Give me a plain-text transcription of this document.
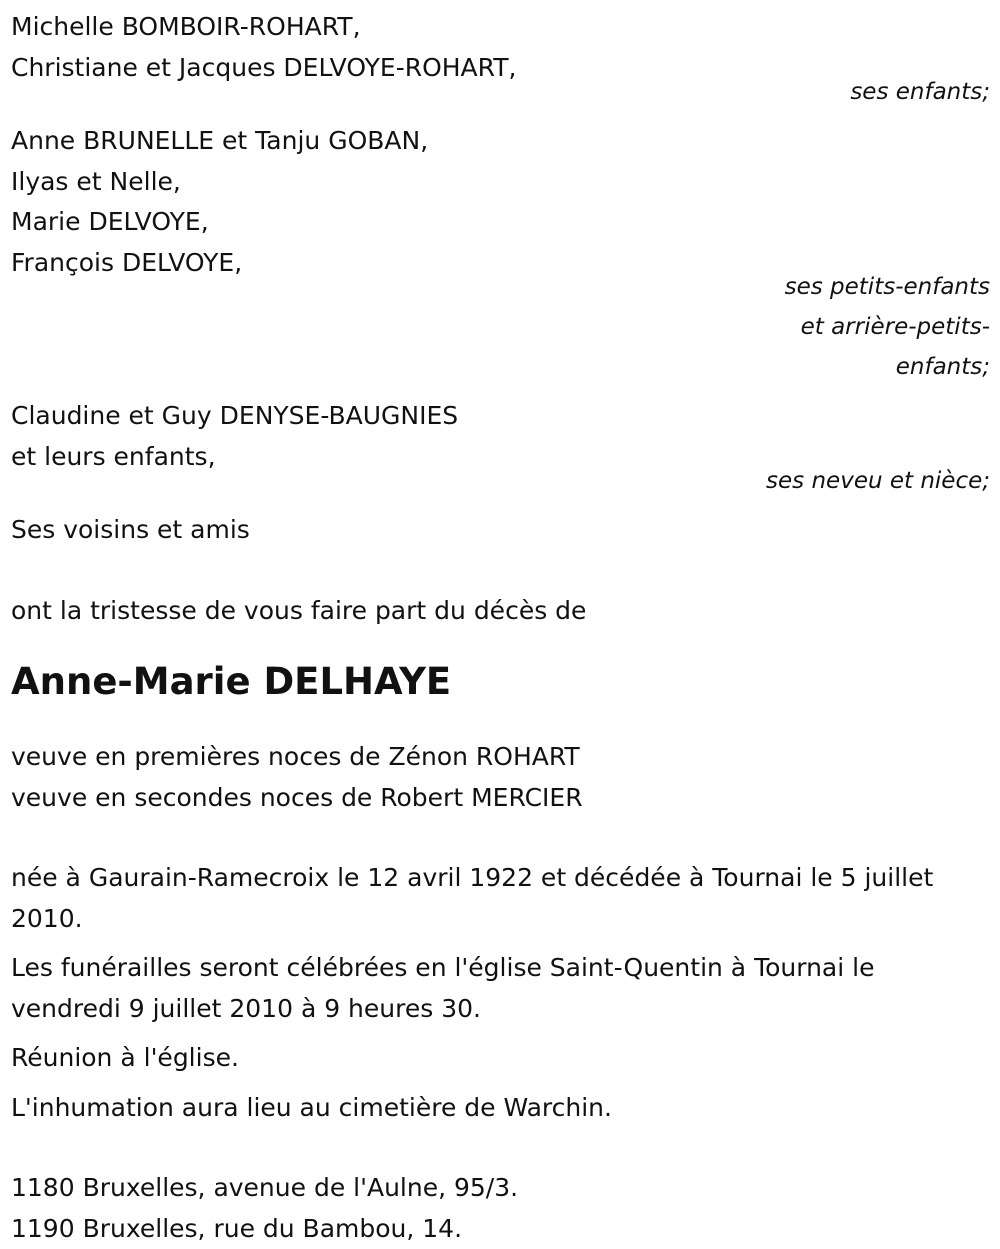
Michelle BOMBOIR-ROHART,
Christiane et Jacques DELVOYE-ROHART,
ses enfants;
Anne BRUNELLE et Tanju GOBAN,
Ilyas et Nelle,
Marie DELVOYE,
François DELVOYE,
ses petits-enfants
et arrière-petits-
enfants;
Claudine et Guy DENYSE-BAUGNIES
et leurs enfants,
ses neveu et nièce;
Ses voisins et amis
ont la tristesse de vous faire part du décès de
Anne-Marie DELHAYE
veuve en premières noces de Zénon ROHART
veuve en secondes noces de Robert MERCIER

née à Gaurain-Ramecroix le 12 avril 1922 et décédée à Tournai le 5 juillet 2010.

Les funérailles seront célébrées en l'église Saint-Quentin à Tournai le vendredi 9 juillet 2010 à 9 heures 30.

Réunion à l'église.

L'inhumation aura lieu au cimetière de Warchin.

1180 Bruxelles, avenue de l'Aulne, 95/3.
1190 Bruxelles, rue du Bambou, 14.
